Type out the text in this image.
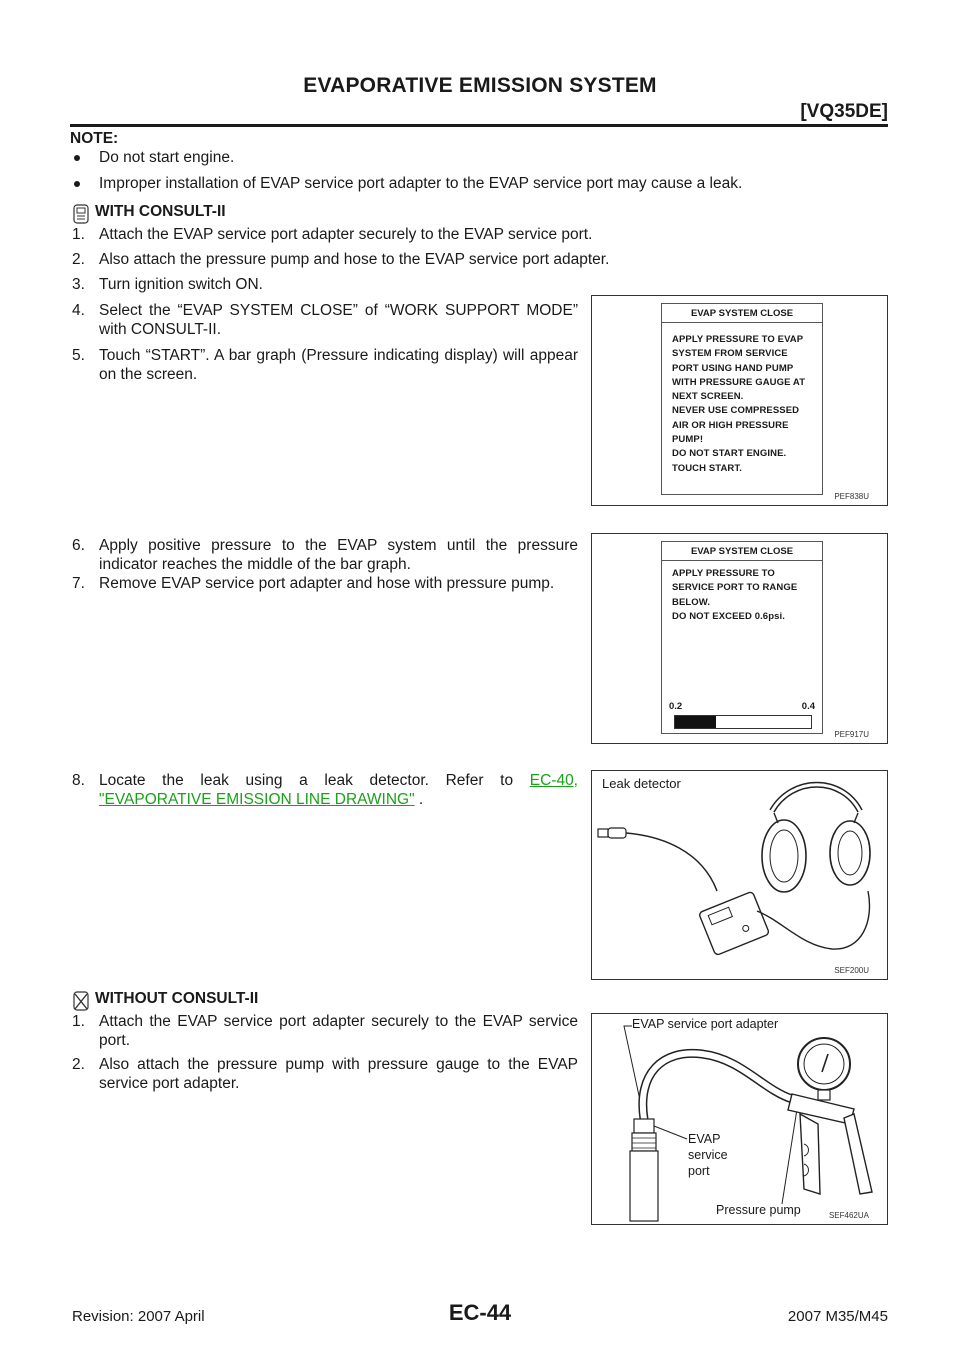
EVAPORATIVE EMISSION SYSTEM
[VQ35DE]
NOTE:
Do not start engine.
Improper installation of EVAP service port adapter to the EVAP service port may cause a leak.
WITH CONSULT-II
1. Attach the EVAP service port adapter securely to the EVAP service port.
2. Also attach the pressure pump and hose to the EVAP service port adapter.
3. Turn ignition switch ON.
4. Select the “EVAP SYSTEM CLOSE” of “WORK SUPPORT MODE” with CONSULT-II.
5. Touch “START”. A bar graph (Pressure indicating display) will appear on the screen.
EVAP SYSTEM CLOSE
APPLY PRESSURE TO EVAP
SYSTEM FROM SERVICE
PORT USING HAND PUMP
WITH PRESSURE GAUGE AT
NEXT SCREEN.
NEVER USE COMPRESSED
AIR OR HIGH PRESSURE
PUMP!
DO NOT START ENGINE.
TOUCH START.
PEF838U
6. Apply positive pressure to the EVAP system until the pressure indicator reaches the middle of the bar graph.
7. Remove EVAP service port adapter and hose with pressure pump.
EVAP SYSTEM CLOSE
APPLY PRESSURE TO
SERVICE PORT TO RANGE
BELOW.
DO NOT EXCEED 0.6psi.
0.2	0.4
PEF917U
8. Locate the leak using a leak detector. Refer to EC-40, "EVAPORATIVE EMISSION LINE DRAWING" .
Leak detector
SEF200U
WITHOUT CONSULT-II
1. Attach the EVAP service port adapter securely to the EVAP service port.
2. Also attach the pressure pump with pressure gauge to the EVAP service port adapter.
EVAP service port adapter
EVAP
service
port
Pressure pump	SEF462UA
Revision: 2007 April	EC-44	2007 M35/M45
